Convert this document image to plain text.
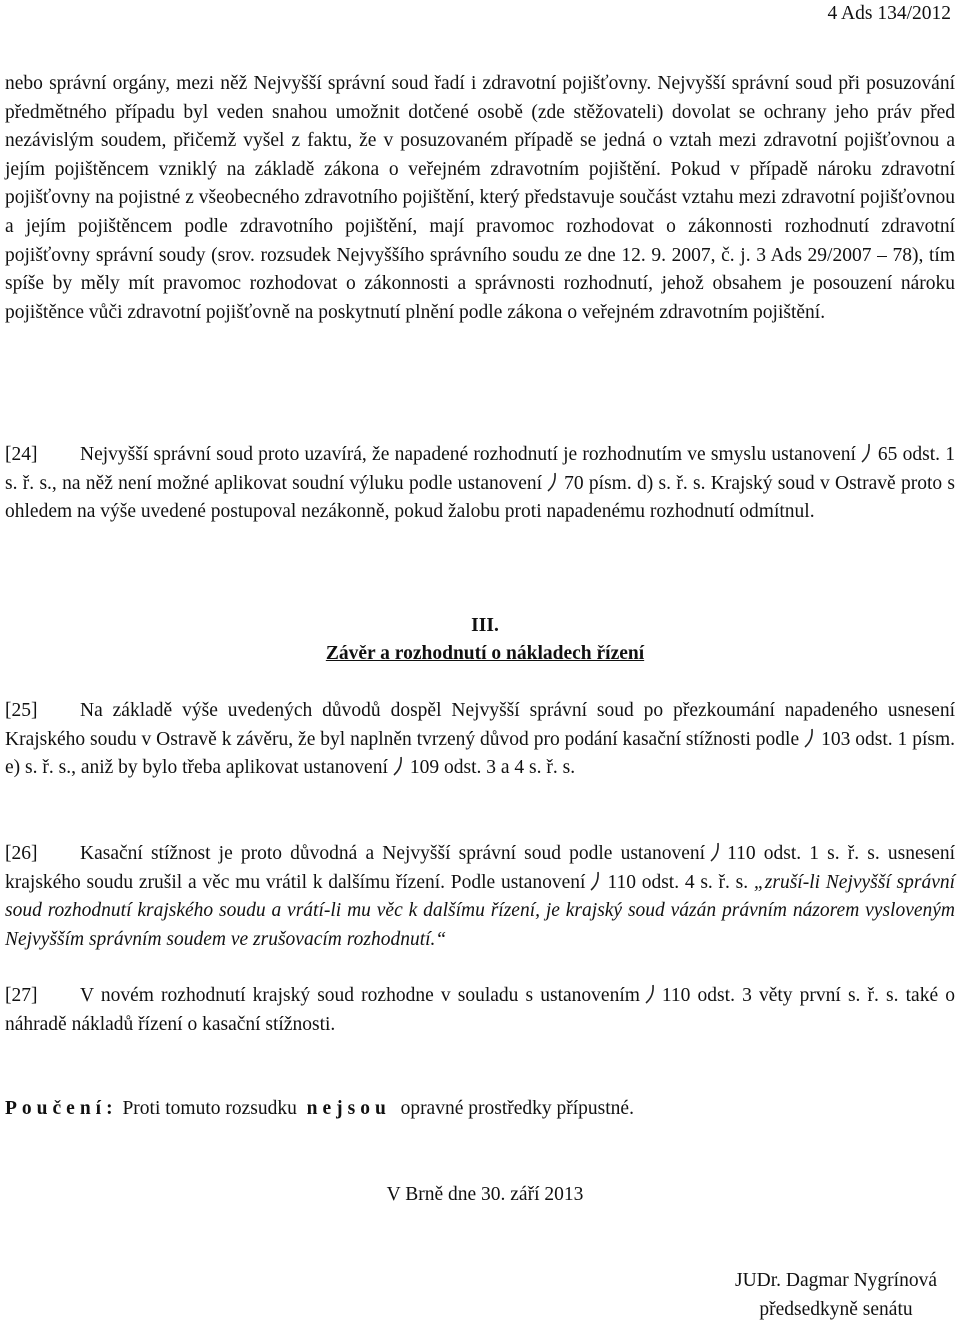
4 Ads 134/2012
nebo správní orgány, mezi něž Nejvyšší správní soud řadí i zdravotní pojišťovny. Nejvyšší správní soud při posuzování předmětného případu byl veden snahou umožnit dotčené osobě (zde stěžovateli) dovolat se ochrany jeho práv před nezávislým soudem, přičemž vyšel z faktu, že v posuzovaném případě se jedná o vztah mezi zdravotní pojišťovnou a jejím pojištěncem vzniklý na základě zákona o veřejném zdravotním pojištění. Pokud v případě nároku zdravotní pojišťovny na pojistné z všeobecného zdravotního pojištění, který představuje součást vztahu mezi zdravotní pojišťovnou a jejím pojištěncem podle zdravotního pojištění, mají pravomoc rozhodovat o zákonnosti rozhodnutí zdravotní pojišťovny správní soudy (srov. rozsudek Nejvyššího správního soudu ze dne 12. 9. 2007, č. j. 3 Ads 29/2007 – 78), tím spíše by měly mít pravomoc rozhodovat o zákonnosti a správnosti rozhodnutí, jehož obsahem je posouzení nároku pojištěnce vůči zdravotní pojišťovně na poskytnutí plnění podle zákona o veřejném zdravotním pojištění.
[24] Nejvyšší správní soud proto uzavírá, že napadené rozhodnutí je rozhodnutím ve smyslu ustanovení 65 odst. 1 s. ř. s., na něž není možné aplikovat soudní výluku podle ustanovení 70 písm. d) s. ř. s. Krajský soud v Ostravě proto s ohledem na výše uvedené postupoval nezákonně, pokud žalobu proti napadenému rozhodnutí odmítnul.
III.
Závěr a rozhodnutí o nákladech řízení
[25] Na základě výše uvedených důvodů dospěl Nejvyšší správní soud po přezkoumání napadeného usnesení Krajského soudu v Ostravě k závěru, že byl naplněn tvrzený důvod pro podání kasační stížnosti podle 103 odst. 1 písm. e) s. ř. s., aniž by bylo třeba aplikovat ustanovení 109 odst. 3 a 4 s. ř. s.
[26] Kasační stížnost je proto důvodná a Nejvyšší správní soud podle ustanovení 110 odst. 1 s. ř. s. usnesení krajského soudu zrušil a věc mu vrátil k dalšímu řízení. Podle ustanovení 110 odst. 4 s. ř. s. „zruší-li Nejvyšší správní soud rozhodnutí krajského soudu a vrátí-li mu věc k dalšímu řízení, je krajský soud vázán právním názorem vysloveným Nejvyšším správním soudem ve zrušovacím rozhodnutí.“
[27] V novém rozhodnutí krajský soud rozhodne v souladu s ustanovením 110 odst. 3 věty první s. ř. s. také o náhradě nákladů řízení o kasační stížnosti.
Poučení: Proti tomuto rozsudku nejsou opravné prostředky přípustné.
V Brně dne 30. září 2013
JUDr. Dagmar Nygrínová
předsedkyně senátu
